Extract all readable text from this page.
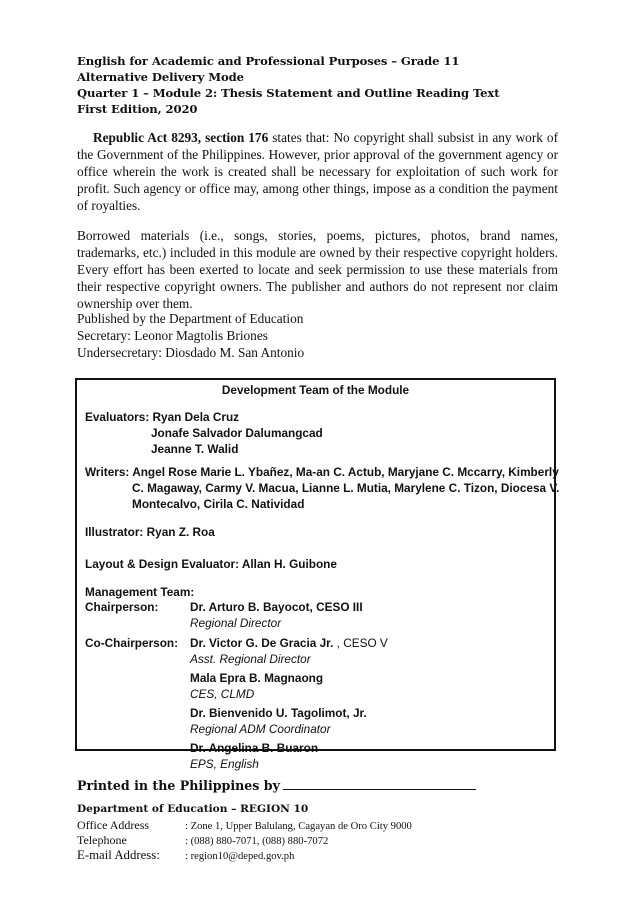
English for Academic and Professional Purposes – Grade 11
Alternative Delivery Mode
Quarter 1 – Module 2: Thesis Statement and Outline Reading Text
First Edition, 2020
Republic Act 8293, section 176 states that: No copyright shall subsist in any work of the Government of the Philippines. However, prior approval of the government agency or office wherein the work is created shall be necessary for exploitation of such work for profit. Such agency or office may, among other things, impose as a condition the payment of royalties.
Borrowed materials (i.e., songs, stories, poems, pictures, photos, brand names, trademarks, etc.) included in this module are owned by their respective copyright holders. Every effort has been exerted to locate and seek permission to use these materials from their respective copyright owners. The publisher and authors do not represent nor claim ownership over them.
Published by the Department of Education
Secretary: Leonor Magtolis Briones
Undersecretary: Diosdado M. San Antonio
Development Team of the Module
Evaluators: Ryan Dela Cruz
Jonafe Salvador Dalumangcad
Jeanne T. Walid
Writers: Angel Rose Marie L. Ybañez, Ma-an C. Actub, Maryjane C. Mccarry, Kimberly
C. Magaway, Carmy V. Macua, Lianne L. Mutia, Marylene C. Tizon, Diocesa V.
Montecalvo, Cirila C. Natividad
Illustrator: Ryan Z. Roa
Layout & Design Evaluator: Allan H. Guibone
Management Team:
Chairperson:	Dr. Arturo B. Bayocot, CESO III
Regional Director
Co-Chairperson: Dr. Victor G. De Gracia Jr. , CESO V
Asst. Regional Director
Mala Epra B. Magnaong
CES, CLMD
Dr. Bienvenido U. Tagolimot, Jr.
Regional ADM Coordinator
Dr. Angelina B. Buaron
EPS, English
Printed in the Philippines by
Department of Education – REGION 10
Office Address	: Zone 1, Upper Balulang, Cagayan de Oro City 9000
Telephone	: (088) 880-7071, (088) 880-7072
E-mail Address: : region10@deped.gov.ph
